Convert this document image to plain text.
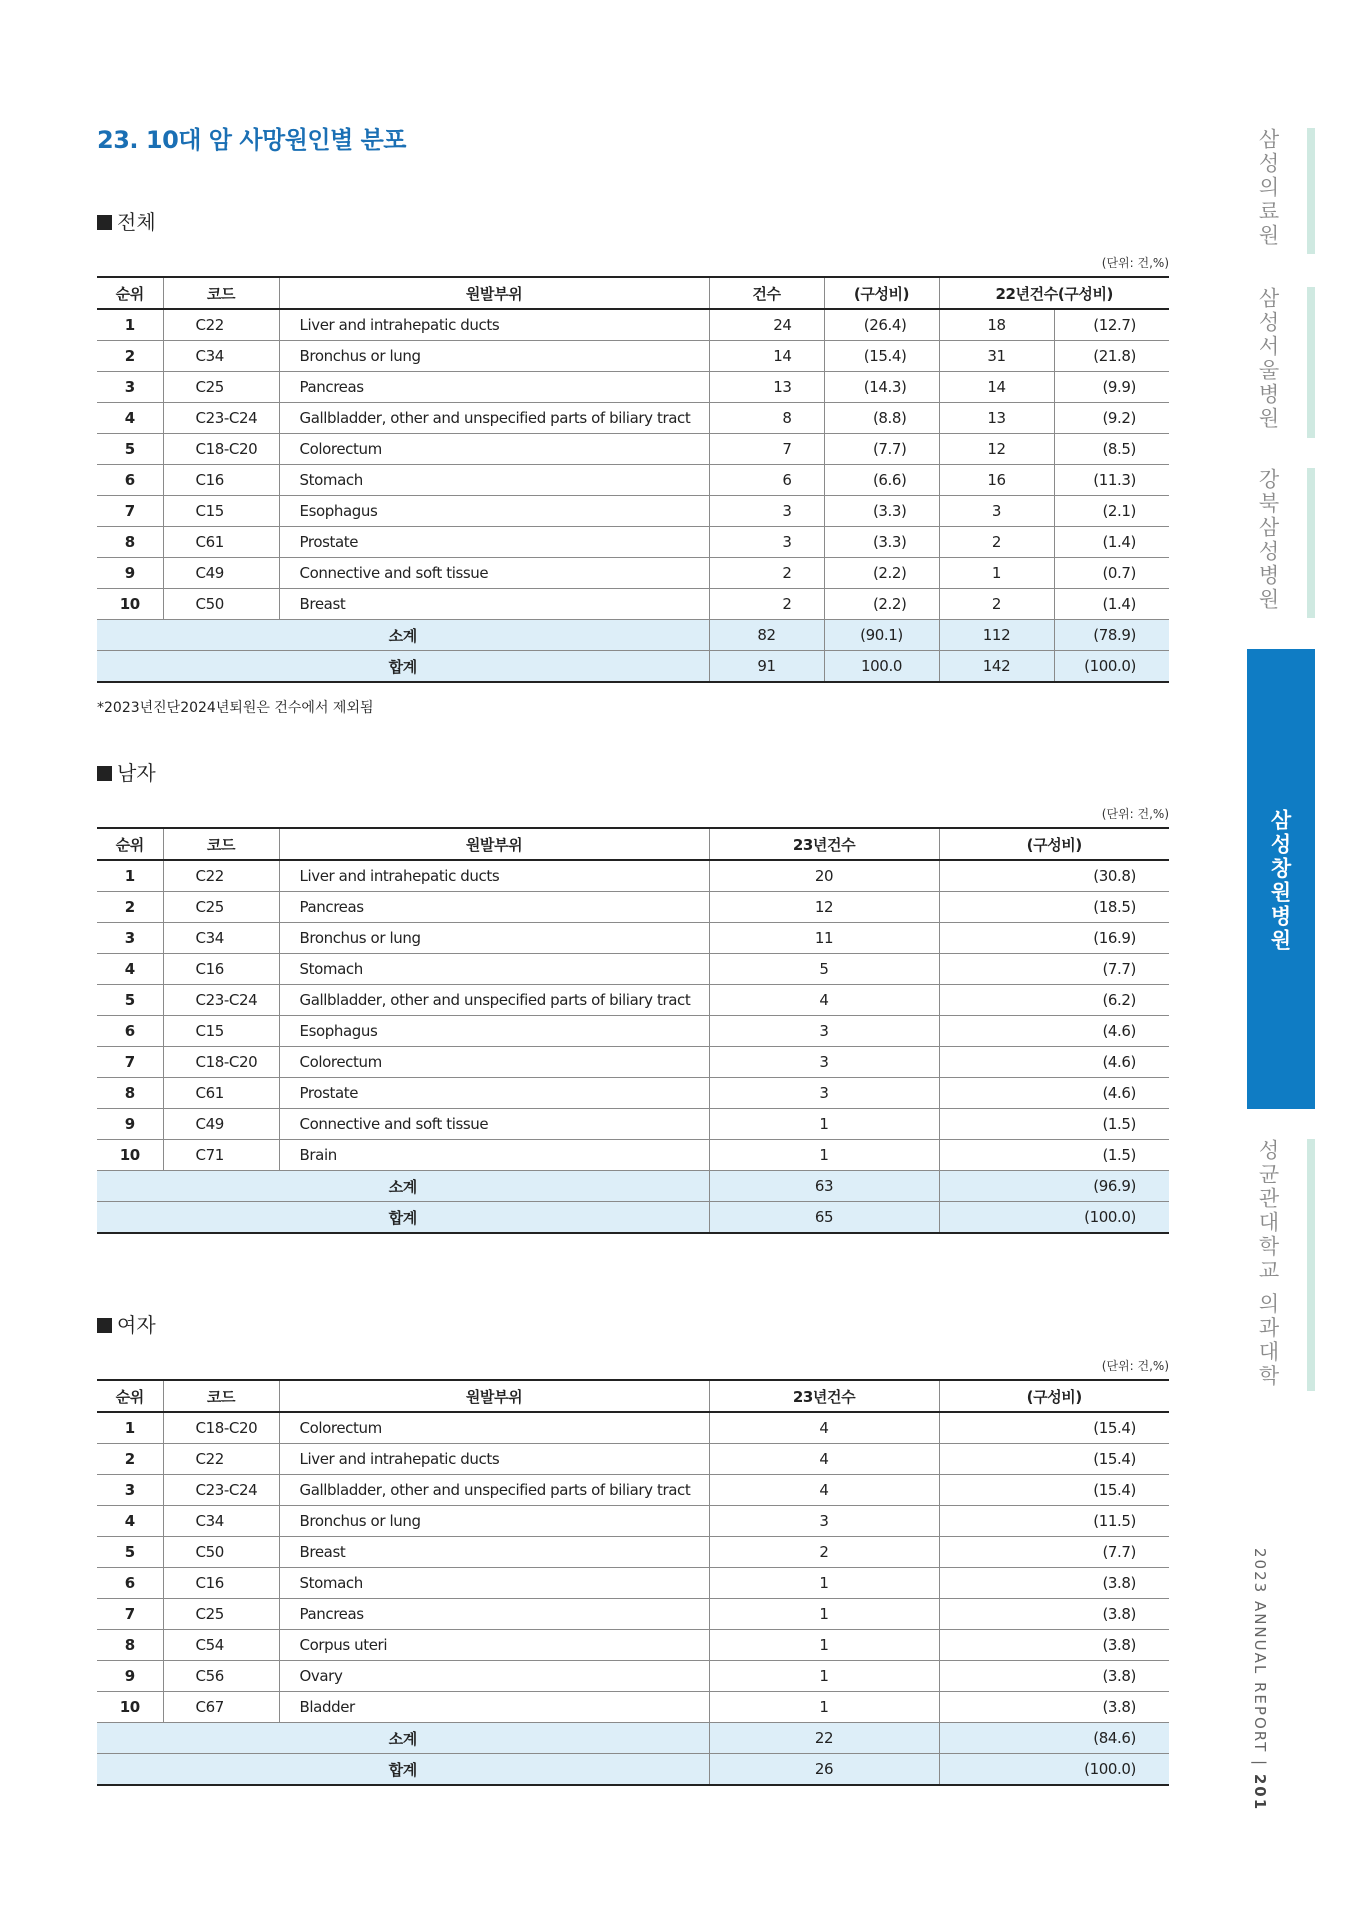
23. 10대 암 사망원인별 분포
전체
(단위: 건,%)
순위	코드	원발부위	건수	(구성비)	22년건수(구성비)	
1	C22	Liver and intrahepatic ducts	24	(26.4)	18	(12.7)
2	C34	Bronchus or lung	14	(15.4)	31	(21.8)
3	C25	Pancreas	13	(14.3)	14	(9.9)
4	C23-C24	Gallbladder, other and unspecified parts of biliary tract	8	(8.8)	13	(9.2)
5	C18-C20	Colorectum	7	(7.7)	12	(8.5)
6	C16	Stomach	6	(6.6)	16	(11.3)
7	C15	Esophagus	3	(3.3)	3	(2.1)
8	C61	Prostate	3	(3.3)	2	(1.4)
9	C49	Connective and soft tissue	2	(2.2)	1	(0.7)
10	C50	Breast	2	(2.2)	2	(1.4)
소계			82	(90.1)	112	(78.9)
합계			91	100.0	142	(100.0)
*2023년진단2024년퇴원은 건수에서 제외됨
남자
(단위: 건,%)
순위	코드	원발부위	23년건수	(구성비)
1	C22	Liver and intrahepatic ducts	20	(30.8)
2	C25	Pancreas	12	(18.5)
3	C34	Bronchus or lung	11	(16.9)
4	C16	Stomach	5	(7.7)
5	C23-C24	Gallbladder, other and unspecified parts of biliary tract	4	(6.2)
6	C15	Esophagus	3	(4.6)
7	C18-C20	Colorectum	3	(4.6)
8	C61	Prostate	3	(4.6)
9	C49	Connective and soft tissue	1	(1.5)
10	C71	Brain	1	(1.5)
소계			63	(96.9)
합계			65	(100.0)
여자
(단위: 건,%)
순위	코드	원발부위	23년건수	(구성비)
1	C18-C20	Colorectum	4	(15.4)
2	C22	Liver and intrahepatic ducts	4	(15.4)
3	C23-C24	Gallbladder, other and unspecified parts of biliary tract	4	(15.4)
4	C34	Bronchus or lung	3	(11.5)
5	C50	Breast	2	(7.7)
6	C16	Stomach	1	(3.8)
7	C25	Pancreas	1	(3.8)
8	C54	Corpus uteri	1	(3.8)
9	C56	Ovary	1	(3.8)
10	C67	Bladder	1	(3.8)
소계			22	(84.6)
합계			26	(100.0)
삼성의료원
삼성서울병원
강북삼성병원
삼성창원병원
성균관대학교 의과대학
2023 ANNUAL REPORT | 201
